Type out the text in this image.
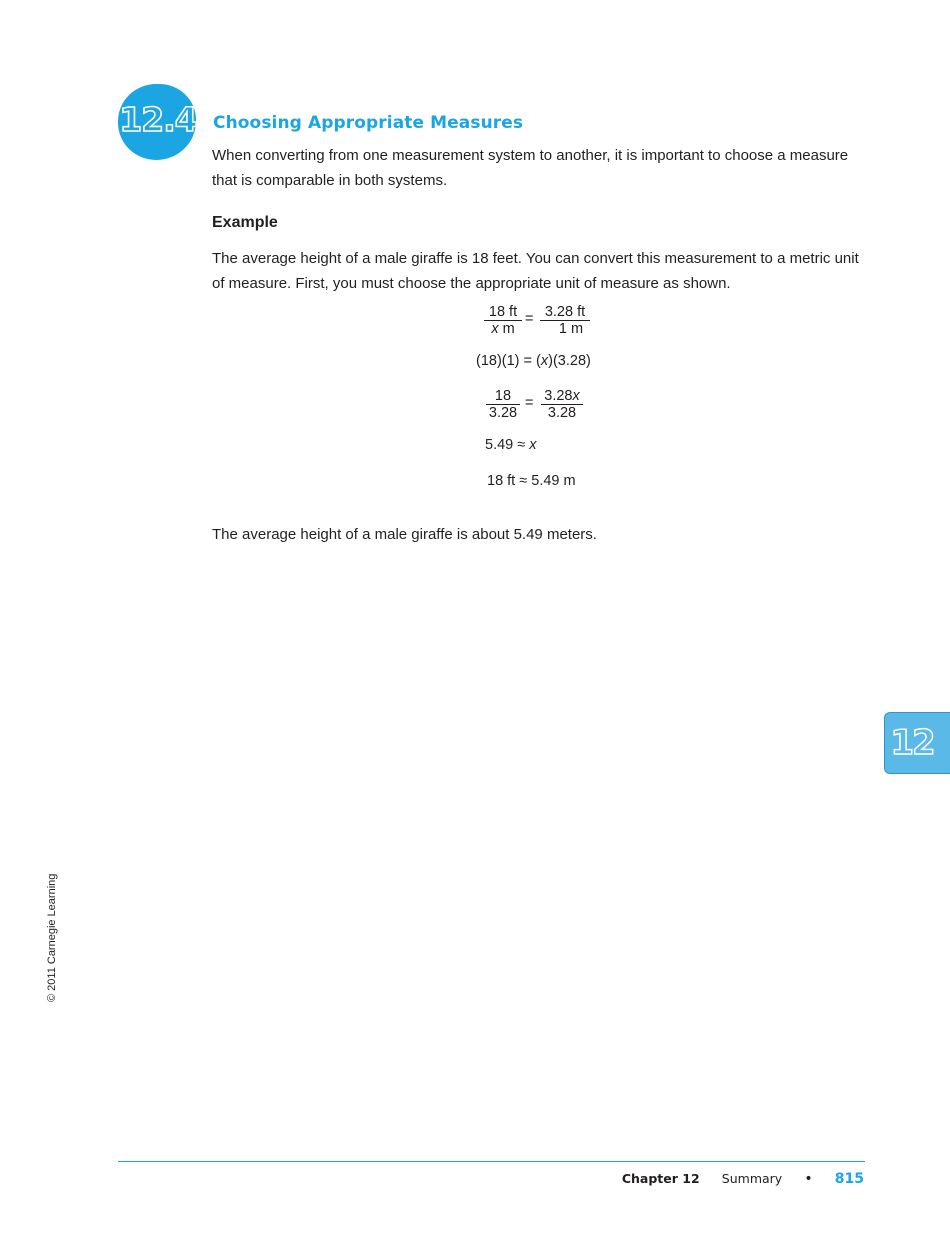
12.4 Choosing Appropriate Measures
When converting from one measurement system to another, it is important to choose a measure that is comparable in both systems.
Example
The average height of a male giraffe is 18 feet. You can convert this measurement to a metric unit of measure. First, you must choose the appropriate unit of measure as shown.
18 ft
x m
= 3.28 ft
1 m
(18)(1) = (x)(3.28)
18
3.28
= 3.28x
3.28
5.49 ≈ x
18 ft ≈ 5.49 m
The average height of a male giraffe is about 5.49 meters.
12
© 2011 Carnegie Learning
Chapter 12 Summary • 815
